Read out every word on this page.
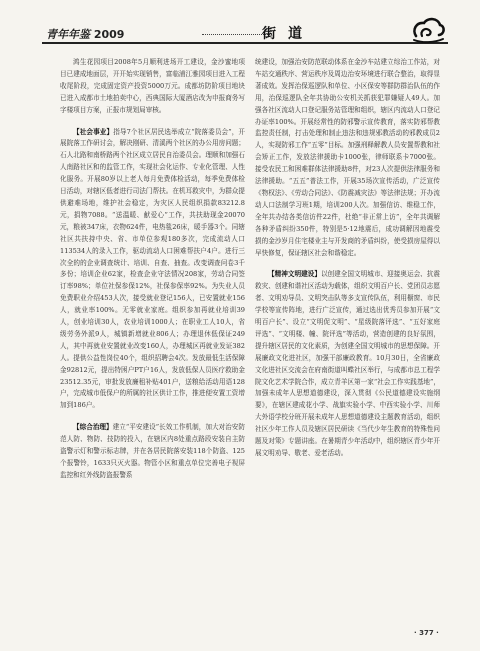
青年年鉴 2009	街道

鸿生花园项目2008年5月顺利进场开工建设，金沙蜜地项目已建成地面层，开开始实现销售，富临浦江雅园项目进入工程收尾阶段，完成固定资产投资5000万元。成都坊防阶项目地块已进入成都市土地拍卖中心，西典国际大厦酒店改为申报商务写字楼项目方案，正报市规划局审核。

【社会事业】指导7个社区居民选举成立“院落委员会”，开展院落工作研讨会，解决刚研、清溪两个社区的办公用房问题；石人北路和南桥路两个社区成立居民自治委员会。理顺和加强石人南路社区和的监管工作，实现社会化运作、专业化管理、人性化服务。开展80岁以上老人每月免费体检活动，每季免费体检日活动，对辖区低者进行司法门帮扶。在机耳救灾中，为群众提供避难场地，维护社会稳定，为灾区人民组织捐款83212.8元，捐物7088。“送温暖、献爱心”工作，共扶助现金20070元，粮被347床，衣物624件，电热毯26床，暖手器3个。同辖社区共扶持中央、省、市单位参观180多次，完成流动人口113534人的录入工作，驱动流动人口困难帮扶户4户。进行三次全的的企业调查统计、培训、自查、抽查。改变调查问卷3千多份；培训企业62家，检查企业守法情况208家，劳动合同签订率98%；单位社保参保12%，社保参保率92%。为失业人员免费职业介绍453人次，接受就业登记156人，已安置就业156人，就业率100%。无零就业家庭。组织参加再就业培训39人，创业培训30人，农业培训1000人；在职业工人10人，省级劳务外派9人，城镇新增就业806人；办理退休低保证249人，其中再就业安置就业改变160人，办理城区再就业发证382人。提供公益性岗位40个，组织招聘会4次。发放最低生活保障金92812元，提出特困户PT户16人，发放低保人员医疗救助金23512.35元，审批发放廉租补贴401户，送粮给活动用语128户，完成城市低保户的所属的社区供计工作，推进便安置工资增加到186户。

【综合治理】建立“平安建设”长效工作机制，加大对治安防范人防、物防、技防的投入，在辖区内8处重点路段安装自主防盗警示灯和警示标志牌，并在各居民院落安装118个防盗、125个报警铃，1633只灭火器。物管小区和重点单位完善电子视屏监控和红外线防盗报警系

统建设，加强治安防范联动体系在金沙车站建立综治工作站，对车站交通秩序、营运秩序及周边治安环境进行联合整治，取得显著成效。发挥治保巡逻队和单位、小区保安等群防群治队伍的作用，治保巡逻队全年共协助公安机关抓获犯罪嫌疑人49人。加强各社区流动人口登记服务站管理和组织，辖区内流动人口登记办证率100%。开展经常性的防邪警示宣传教育，落实防邪帮教监控责任制，打击处理和制止违法和违规邪教活动的邪教成员2人，实现防邪工作“五零”目标。加强刑释解教人员安置帮教和社会矫正工作，发放法律援助卡1000张，律师联系卡7000张。接受农民工和困难群体法律援助8件，对23人次提供法律服务和法律援助。“五五”普法工作，开展35场次宣传活动，广泛宣传《物权法》、《劳动合同法》、《防震减灾法》等法律法规；开办流动人口法制学习班1期，培训200人次。加强信访、维稳工作，全年共办结各类信访件22件，杜绝“非正常上访”，全年共调解各种矛盾纠纷350件，特别是5·12地震后，成功调解因地震受损的金沙岁月住宅楼业主与开发商的矛盾纠纷，使受损房屋得以早快修复，保证辖区社会和谐稳定。

【精神文明建设】以创建全国文明城市、迎接奥运会、抗震救灾、创建和谐社区活动为载体，组织文明百户长、党团员志愿者、文明劝导员、文明突击队等多支宣传队伍，利用橱窗、市民学校等宣传阵地，进行广泛宣传，通过选出优秀员参加开展“文明百户长”、设立“文明促文明”、“星级院落评选”、“五好家庭评选”、“文明楼、幢、院评选”等活动，营造创建的良好氛围，提升辖区居民的文化素质，为创建全国文明城市的思想保障。开展廉政文化进社区，加强干部廉政教育。10月30日，全省廉政文化进社区交流会在府南街道叫蝶社区举行，与成都市总工程学院文化艺术学院合作，成立青羊区第一家“社会工作实践基地”，加强未成年人思想道德建设，深入贯彻《公民道德建设实施纲要》，在辖区建成花小学、战旗实验小学、中西实验小学、川师大外语学校分班开展未成年人思想道德建设主题教育活动，组织社区少年工作人员及辖区居民研读《当代少年生教育的特殊性问题及对策》专题讲座。在暑期青少年活动中，组织辖区青少年开展文明劝导、敬老、爱老活动。

· 377 ·
